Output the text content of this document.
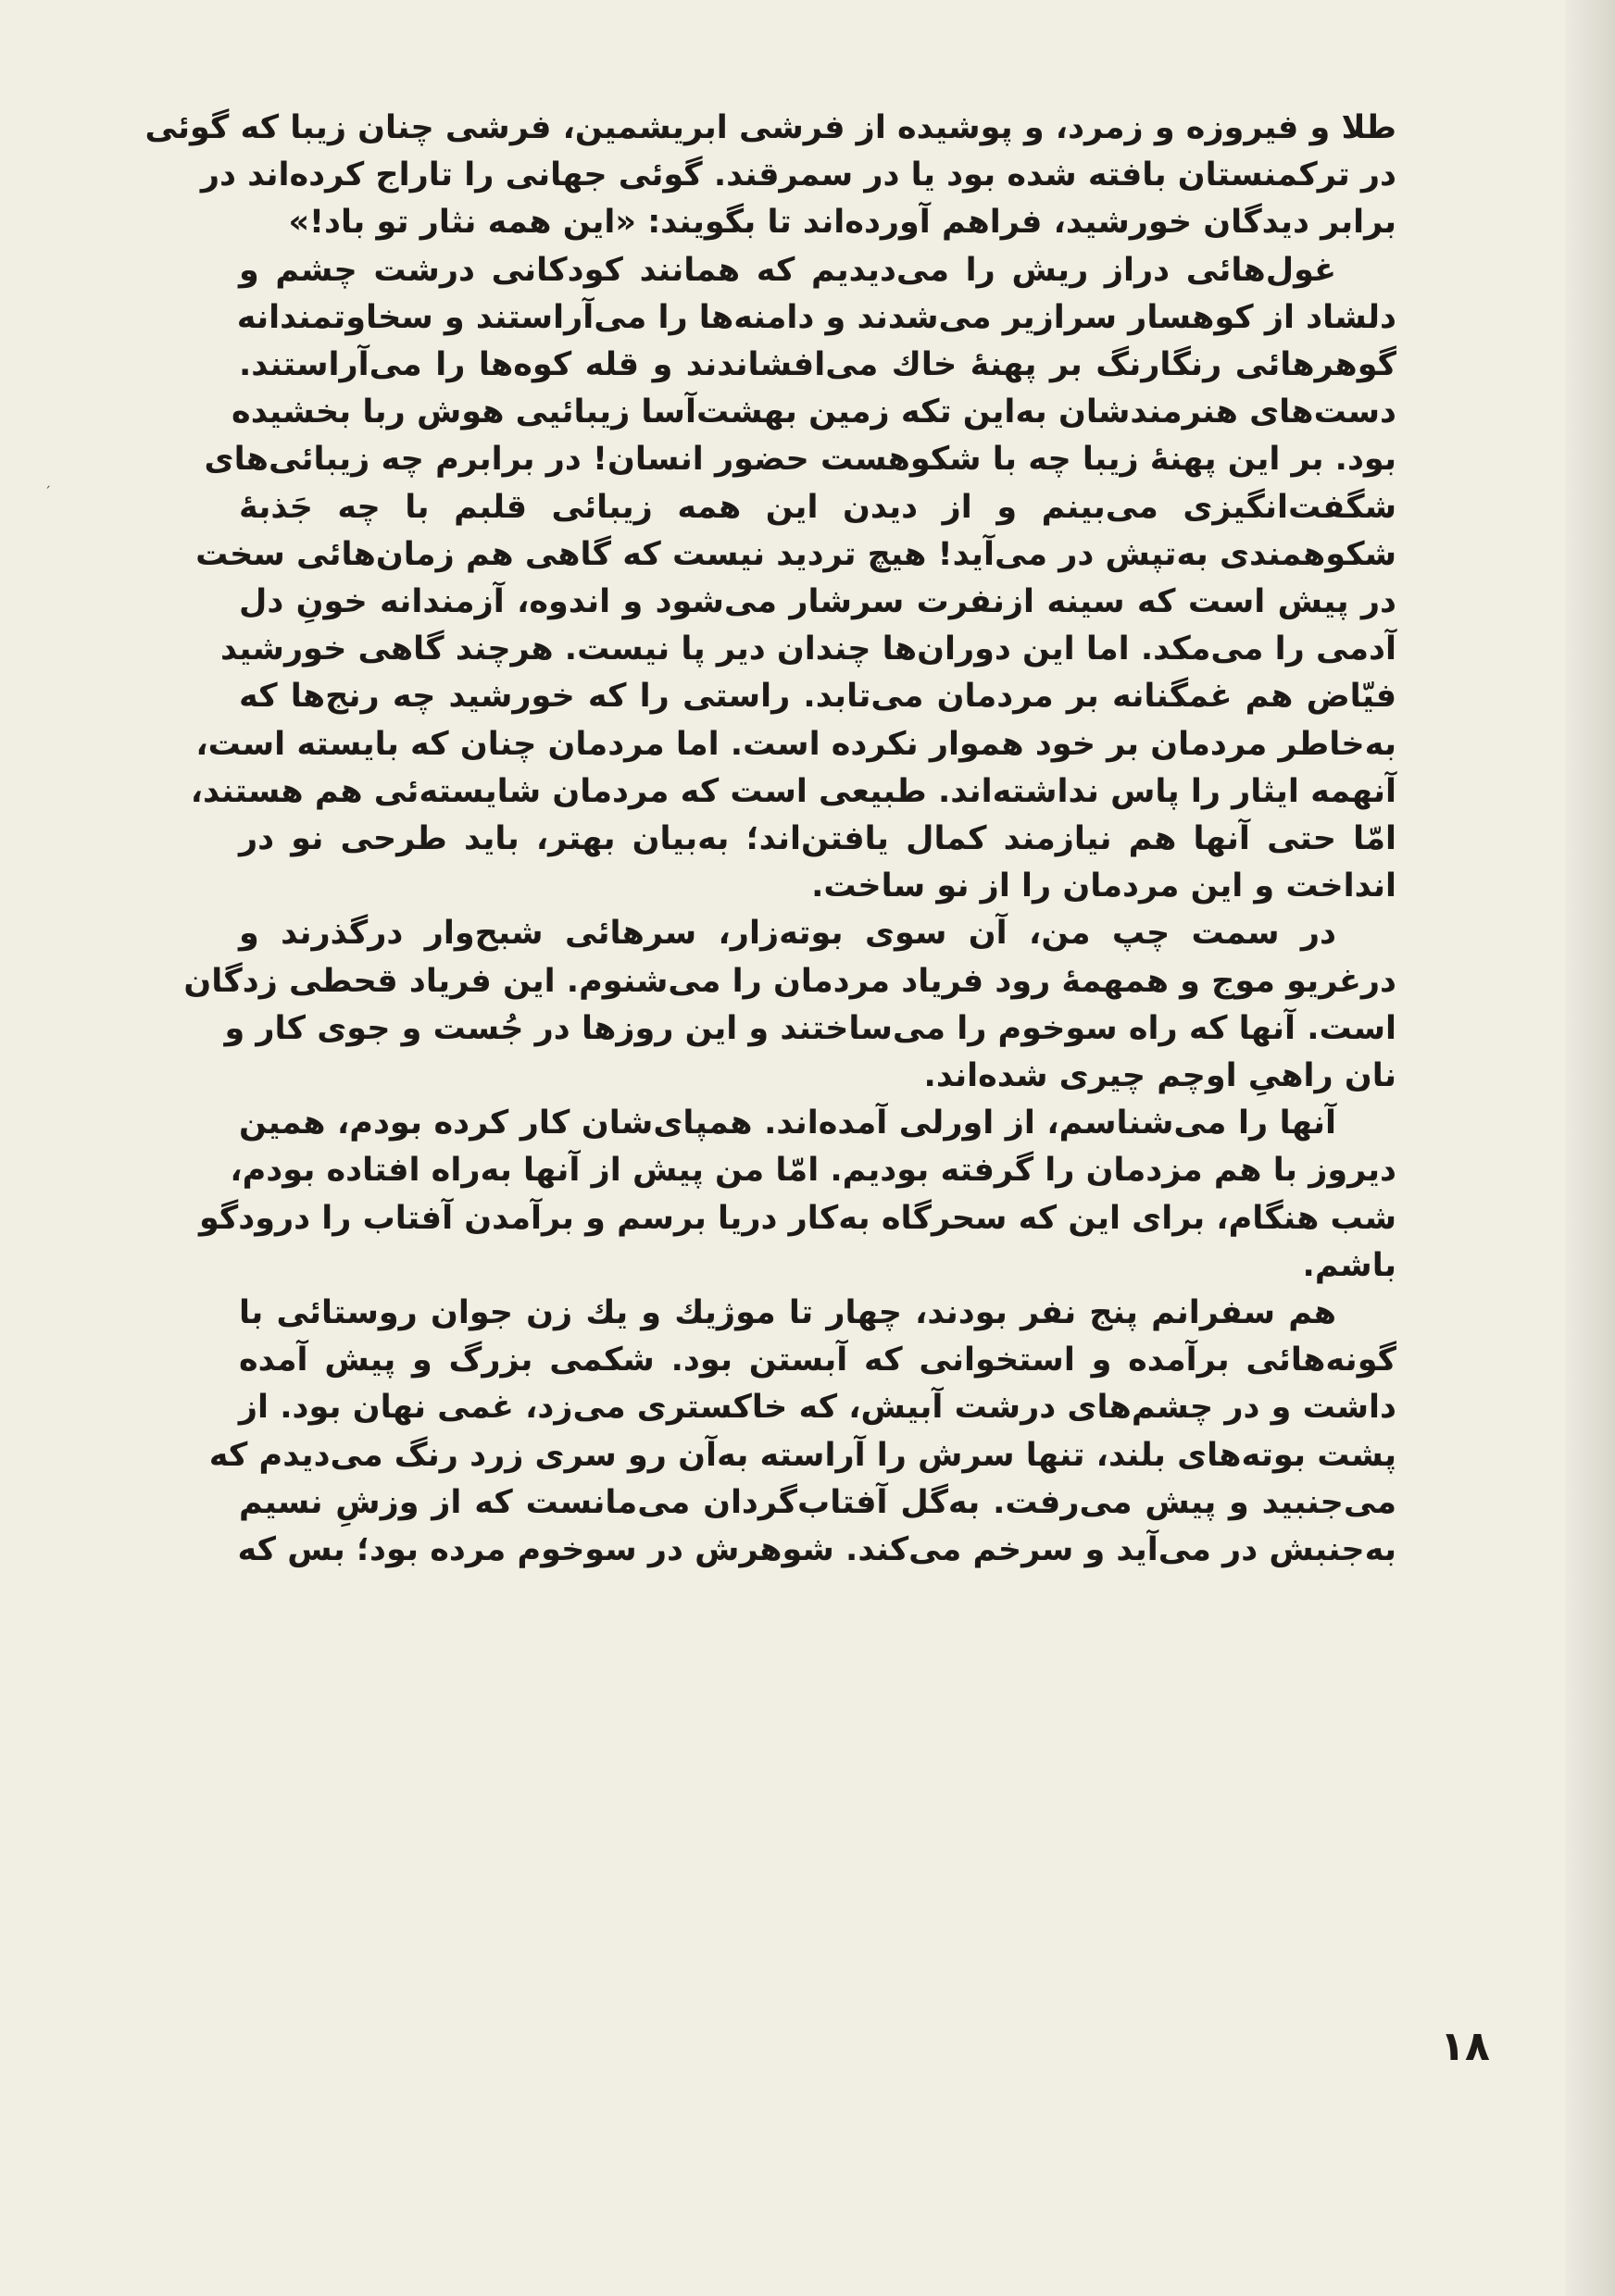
ˏ
طلا و فیروزه و زمرد، و پوشیده از فرشی ابریشمین، فرشی چنان زیبا که گوئی
در ترکمنستان بافته شده بود یا در سمرقند. گوئی جهانی را تاراج کرده‌اند در
برابر دیدگان خورشید، فراهم آورده‌اند تا بگویند: «این همه نثار تو باد!»
غول‌هائی دراز ریش را می‌دیدیم که همانند کودکانی درشت چشم و
دلشاد از کوهسار سرازیر می‌شدند و دامنه‌ها را می‌آراستند و سخاوتمندانه
گوهرهائی رنگارنگ بر پهنهٔ خاك می‌افشاندند و قله کوه‌ها را می‌آراستند.
دست‌های هنرمندشان به‌این تکه زمین بهشت‌آسا زیبائیی هوش ربا بخشیده
بود. بر این پهنهٔ زیبا چه با شکوهست حضور انسان! در برابرم چه زیبائی‌های
شگفت‌انگیزی می‌بینم و از دیدن این همه زیبائی قلبم با چه جَذبهٔ
شکوهمندی به‌تپش در می‌آید! هیچ تردید نیست که گاهی هم زمان‌هائی سخت
در پیش است که سینه ازنفرت سرشار می‌شود و اندوه، آزمندانه خونِ دل
آدمی را می‌مکد. اما این دوران‌ها چندان دیر پا نیست. هرچند گاهی خورشید
فیّاض هم غمگنانه بر مردمان می‌تابد. راستی را که خورشید چه رنج‌ها که
به‌خاطر مردمان بر خود هموار نکرده است. اما مردمان چنان که بایسته است،
آنهمه ایثار را پاس نداشته‌اند. طبیعی است که مردمان شایسته‌ئی هم هستند،
امّا حتی آنها هم نیازمند کمال یافتن‌اند؛ به‌بیان بهتر، باید طرحی نو در
انداخت و این مردمان را از نو ساخت.
در سمت چپ من، آن سوی بوته‌زار، سرهائی شبح‌وار درگذرند و
درغریو موج و همهمهٔ رود فریاد مردمان را می‌شنوم. این فریاد قحطی زدگان
است. آنها که راه سوخوم را می‌ساختند و این روزها در جُست و جوی کار و
نان راهیِ اوچم چیری شده‌اند.
آنها را می‌شناسم، از اورلی آمده‌اند. همپای‌شان کار کرده بودم، همین
دیروز با هم مزدمان را گرفته بودیم. امّا من پیش از آنها به‌راه افتاده بودم،
شب هنگام، برای این که سحرگاه به‌کار دریا برسم و برآمدن آفتاب را درودگو
باشم.
هم سفرانم پنج نفر بودند، چهار تا موژیك و یك زن جوان روستائی با
گونه‌هائی برآمده و استخوانی که آبستن بود. شکمی بزرگ و پیش آمده
داشت و در چشم‌های درشت آبیش، که خاکستری می‌زد، غمی نهان بود. از
پشت بوته‌های بلند، تنها سرش را آراسته به‌آن رو سری زرد رنگ می‌دیدم که
می‌جنبید و پیش می‌رفت. به‌گل آفتاب‌گردان می‌مانست که از وزشِ نسیم
به‌جنبش در می‌آید و سرخم می‌کند. شوهرش در سوخوم مرده بود؛ بس که
۱۸
